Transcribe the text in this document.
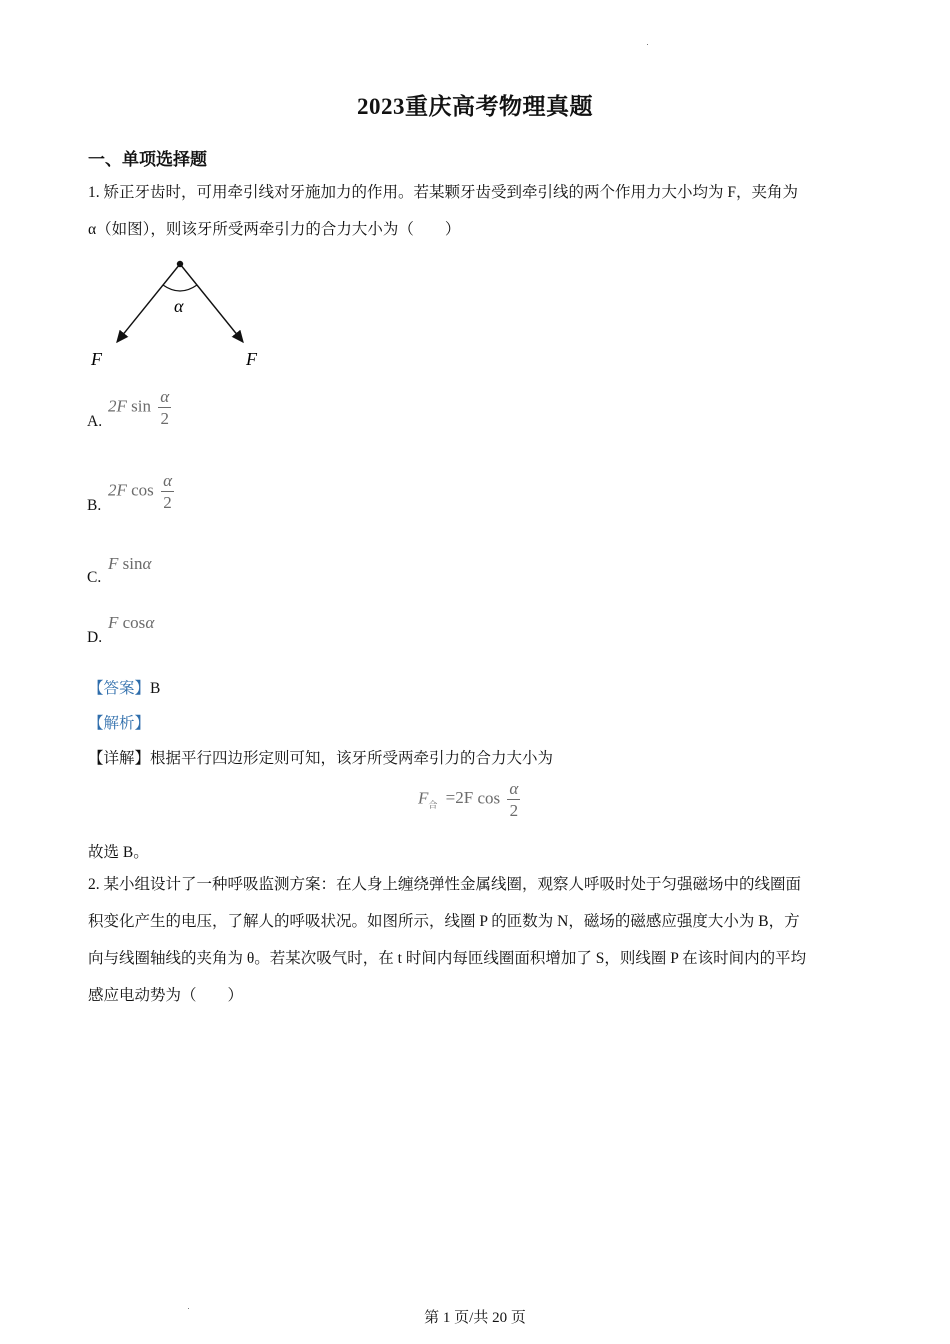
2023重庆高考物理真题
一、单项选择题
1. 矫正牙齿时，可用牵引线对牙施加力的作用。若某颗牙齿受到牵引线的两个作用力大小均为 F，夹角为
α（如图），则该牙所受两牵引力的合力大小为（　　）
α
F	F
A.
2F $\sin \frac{\alpha}{2}$
B.
2F $\cos \frac{\alpha}{2}$
C.
F sinα
D.
F cosα
【答案】B
【解析】
【详解】根据平行四边形定则可知，该牙所受两牵引力的合力大小为
$F_合 =2F$ $\cos \frac{\alpha}{2}$
故选 B。
2. 某小组设计了一种呼吸监测方案：在人身上缠绕弹性金属线圈，观察人呼吸时处于匀强磁场中的线圈面
积变化产生的电压，了解人的呼吸状况。如图所示，线圈 P 的匝数为 N，磁场的磁感应强度大小为 B，方
向与线圈轴线的夹角为 θ。若某次吸气时，在 t 时间内每匝线圈面积增加了 S，则线圈 P 在该时间内的平均
感应电动势为（　　）
第 1 页/共 20 页
